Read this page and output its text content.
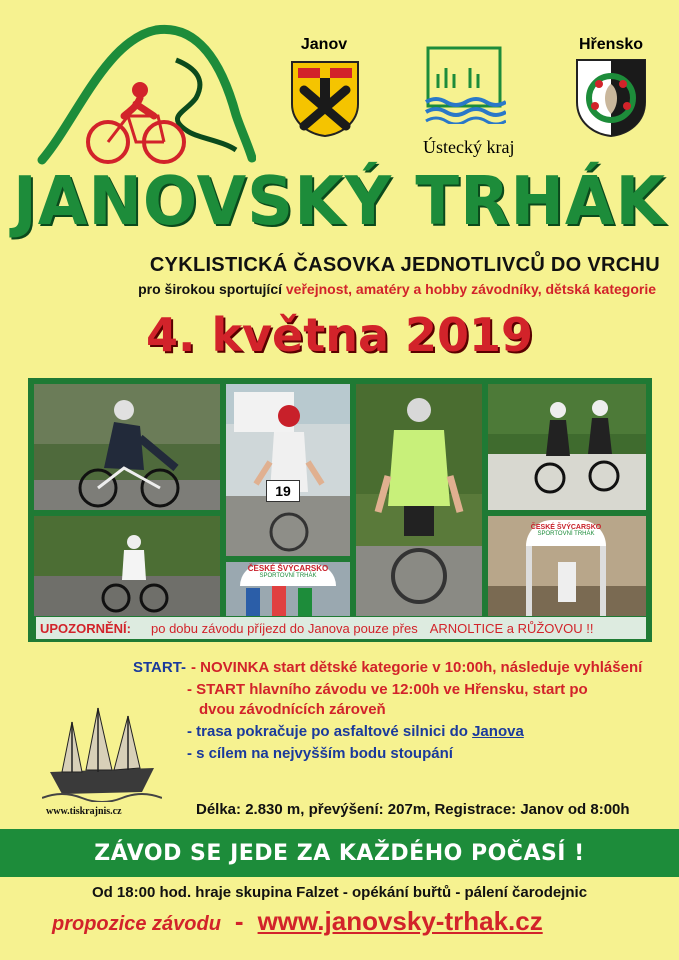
Janov
Ústecký kraj
Hřensko
JANOVSKÝ TRHÁK
CYKLISTICKÁ ČASOVKA JEDNOTLIVCŮ DO VRCHU
pro širokou sportující veřejnost, amatéry a hobby závodníky, dětská kategorie
4. května 2019
19
ČESKÉ ŠVÝCARSKO
SPORTOVNÍ TRHÁK
ČESKÉ ŠVÝCARSKO
SPORTOVNÍ TRHÁK
UPOZORNĚNÍ: po dobu závodu příjezd do Janova pouze přes ARNOLTICE a RŮŽOVOU !!
START- - NOVINKA start dětské kategorie v 10:00h, následuje vyhlášení
- START hlavního závodu ve 12:00h ve Hřensku, start po
dvou závodnících zároveň
- trasa pokračuje po asfaltové silnici do Janova
- s cílem na nejvyšším bodu stoupání
www.tiskrajnis.cz	Délka: 2.830 m, převýšení: 207m, Registrace: Janov od 8:00h
ZÁVOD SE JEDE ZA KAŽDÉHO POČASÍ !
Od 18:00 hod. hraje skupina Falzet - opékání buřtů - pálení čarodejnic
propozice závodu - www.janovsky-trhak.cz
